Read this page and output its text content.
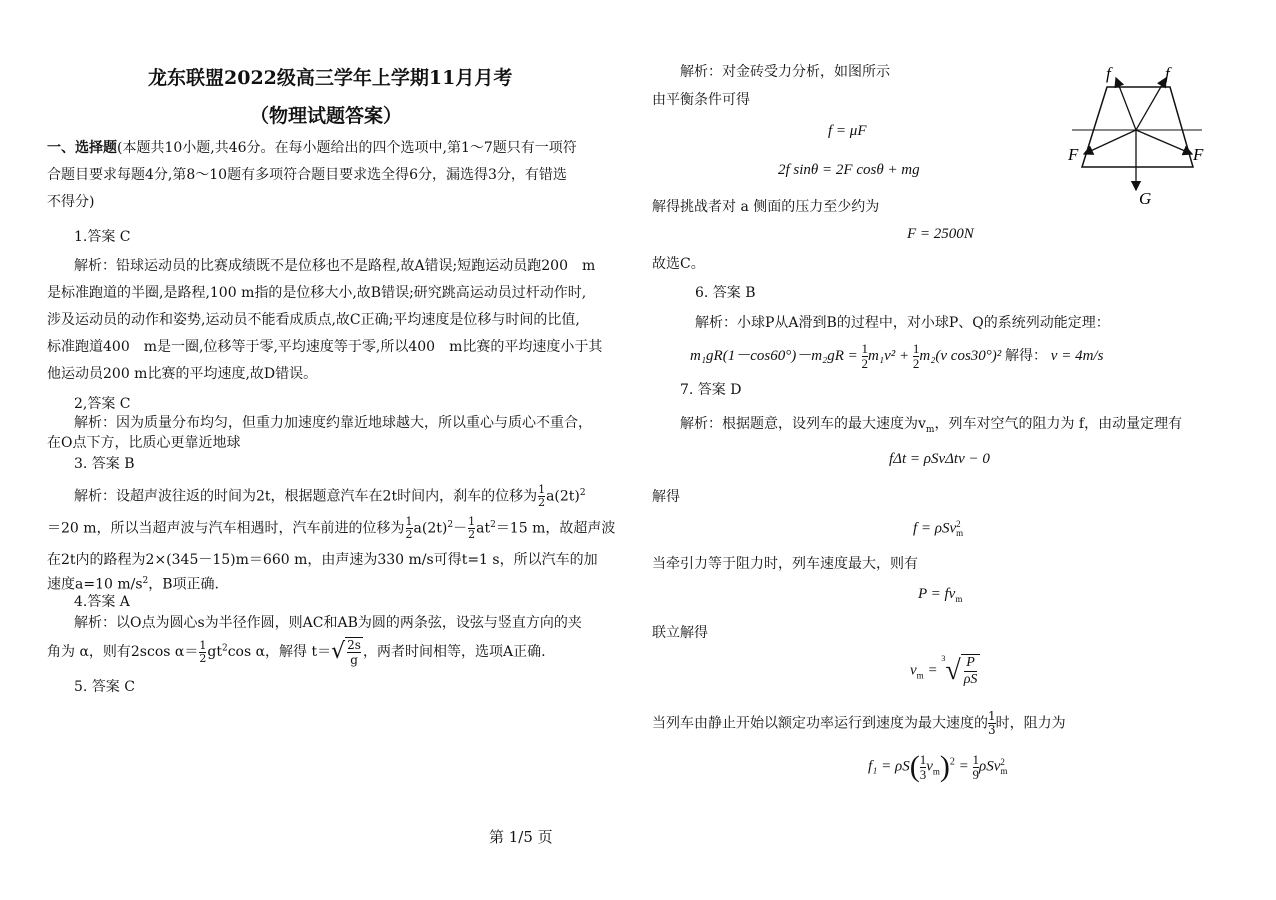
龙东联盟2022级高三学年上学期11月月考
（物理试题答案）
一、选择题(本题共10小题,共46分。在每小题给出的四个选项中,第1～7题只有一项符
合题目要求每题4分,第8～10题有多项符合题目要求选全得6分，漏选得3分，有错选
不得分)
1.答案 C
解析：铅球运动员的比赛成绩既不是位移也不是路程,故A错误;短跑运动员跑200　m
是标准跑道的半圈,是路程,100 m指的是位移大小,故B错误;研究跳高运动员过杆动作时,
涉及运动员的动作和姿势,运动员不能看成质点,故C正确;平均速度是位移与时间的比值,
标准跑道400　m是一圈,位移等于零,平均速度等于零,所以400　m比赛的平均速度小于其
他运动员200 m比赛的平均速度,故D错误。
2,答案 C
解析：因为质量分布均匀，但重力加速度约靠近地球越大，所以重心与质心不重合，
在O点下方，比质心更靠近地球
3. 答案 B
解析：设超声波往返的时间为2t，根据题意汽车在2t时间内，刹车的位移为 $\frac{1}{2} a(2t)^2$
＝20 m，所以当超声波与汽车相遇时，汽车前进的位移为 $\frac{1}{2} a(2t)^2- \frac{1}{2} at^2=15$ m，故超声波
在2t内的路程为2×(345－15)m＝660 m，由声速为330 m/s可得t=1 s，所以汽车的加
速度a=10 $m/s^2$，B项正确.
4.答案 A
解析：以O点为圆心s为半径作圆，则AC和AB为圆的两条弦，设弦与竖直方向的夹
角为 α，则有2scos $\alpha= \frac{1}{2} gt^2\cos$ α，解得 $t=√ \frac{2s}{g}$ ，两者时间相等，选项A正确.
5. 答案 C
解析：对金砖受力分析，如图所示
由平衡条件可得
f = μF
2f sinθ = 2F cosθ + mg
解得挑战者对 a 侧面的压力至少约为
F = 2500N
故选C。
6. 答案 B
解析：小球P从A滑到B的过程中，对小球P、Q的系统列动能定理：
$m_1gR(1-\cos 60^\circ)-m_2gR = \frac{1}{2} m_1v^2 + \frac{1}{2} m_2(v$ cos30°)² 解得： v = 4m/s
7. 答案 D
解析：根据题意，设列车的最大速度为$v_m$，列车对空气的阻力为 f，由动量定理有
fΔt = ρSvΔtv − 0
解得
f = ρSv 2
m
当牵引力等于阻力时，列车速度最大，则有
$P = fv_m$
联立解得
$v_m = ^3√ \frac{P}{\rho S}$
当列车由静止开始以额定功率运行到速度为最大速度的 $\frac{1}{3}$ 时，阻力为
$f_1 = \rho S( \frac{1}{3} v_m)^2 = \frac{1}{9}$ ρSv 2
m
f	f
F	F
G
第 1/5 页
